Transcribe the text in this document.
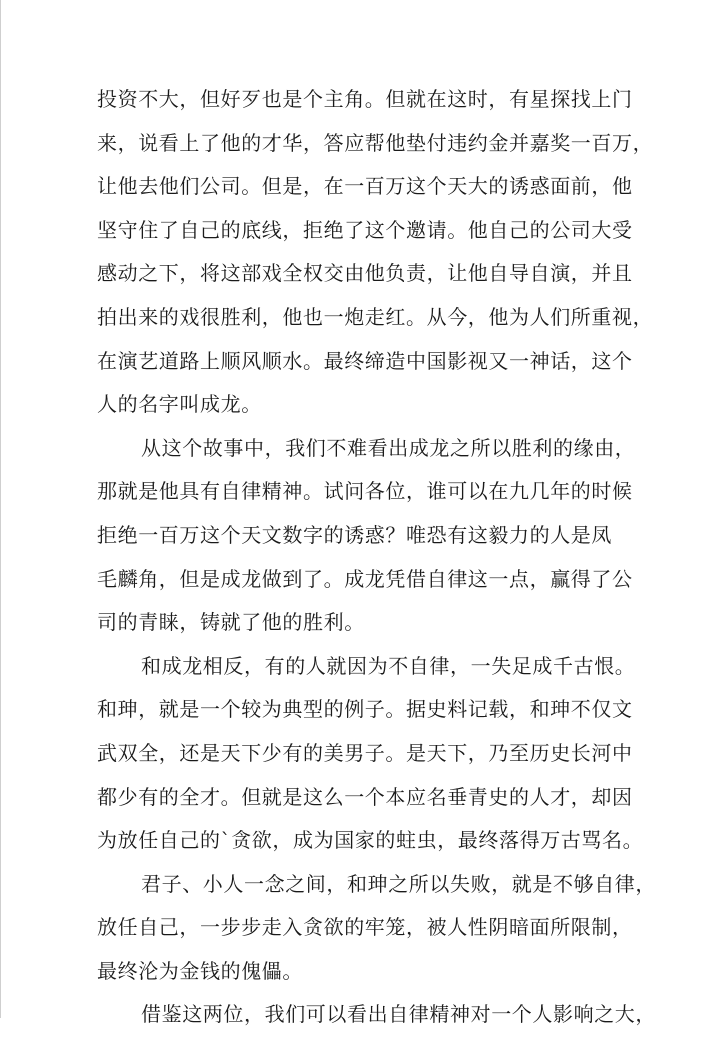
投资不大，但好歹也是个主角。但就在这时，有星探找上门
来，说看上了他的才华，答应帮他垫付违约金并嘉奖一百万，
让他去他们公司。但是，在一百万这个天大的诱惑面前，他
坚守住了自己的底线，拒绝了这个邀请。他自己的公司大受
感动之下，将这部戏全权交由他负责，让他自导自演，并且
拍出来的戏很胜利，他也一炮走红。从今，他为人们所重视，
在演艺道路上顺风顺水。最终缔造中国影视又一神话，这个
人的名字叫成龙。
从这个故事中，我们不难看出成龙之所以胜利的缘由，
那就是他具有自律精神。试问各位，谁可以在九几年的时候
拒绝一百万这个天文数字的诱惑？唯恐有这毅力的人是凤
毛麟角，但是成龙做到了。成龙凭借自律这一点，赢得了公
司的青睐，铸就了他的胜利。
和成龙相反，有的人就因为不自律，一失足成千古恨。
和珅，就是一个较为典型的例子。据史料记载，和珅不仅文
武双全，还是天下少有的美男子。是天下，乃至历史长河中
都少有的全才。但就是这么一个本应名垂青史的人才，却因
为放任自己的`贪欲，成为国家的蛀虫，最终落得万古骂名。
君子、小人一念之间，和珅之所以失败，就是不够自律，
放任自己，一步步走入贪欲的牢笼，被人性阴暗面所限制，
最终沦为金钱的傀儡。
借鉴这两位，我们可以看出自律精神对一个人影响之大，
